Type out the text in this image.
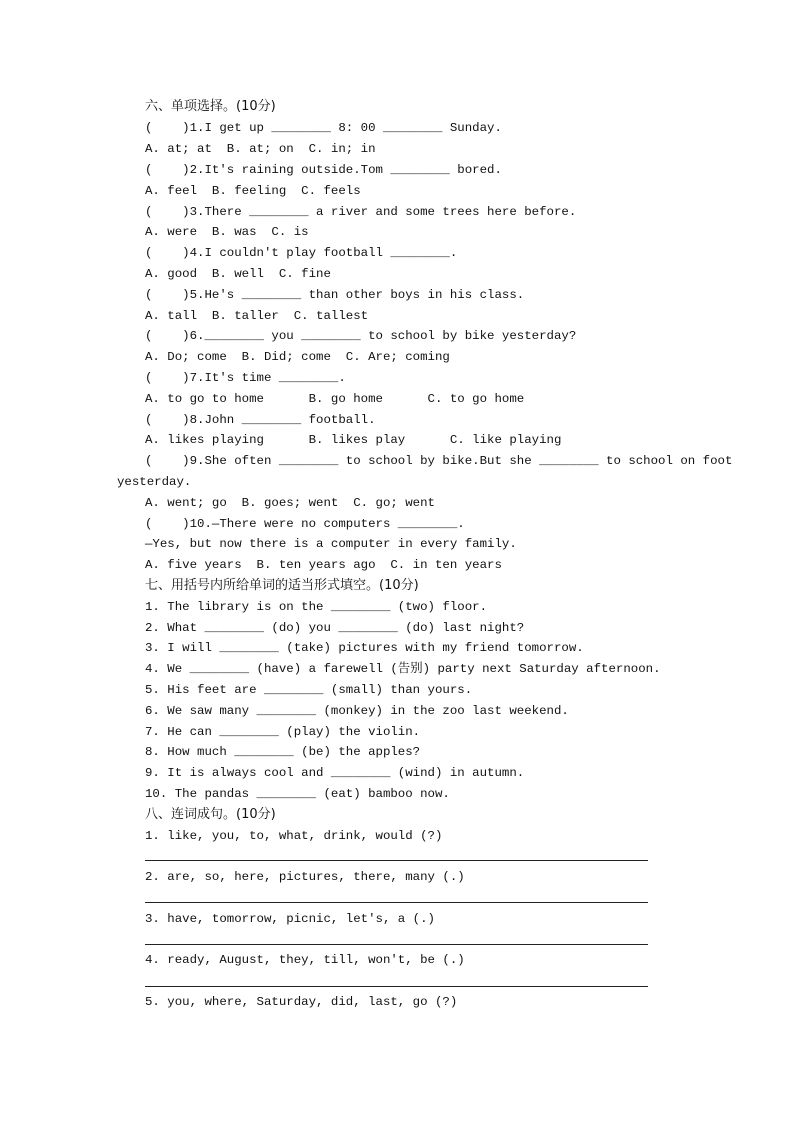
六、单项选择。(10分)
(    )1.I get up ________ 8: 00 ________ Sunday.
A. at; at  B. at; on  C. in; in
(    )2.It's raining outside.Tom ________ bored.
A. feel  B. feeling  C. feels
(    )3.There ________ a river and some trees here before.
A. were  B. was  C. is
(    )4.I couldn't play football ________.
A. good  B. well  C. fine
(    )5.He's ________ than other boys in his class.
A. tall  B. taller  C. tallest
(    )6.________ you ________ to school by bike yesterday?
A. Do; come  B. Did; come  C. Are; coming
(    )7.It's time ________.
A. to go to home      B. go home      C. to go home
(    )8.John ________ football.
A. likes playing      B. likes play      C. like playing
(    )9.She often ________ to school by bike.But she ________ to school on foot
yesterday.
A. went; go  B. goes; went  C. go; went
(    )10.—There were no computers ________.
—Yes, but now there is a computer in every family.
A. five years  B. ten years ago  C. in ten years
七、用括号内所给单词的适当形式填空。(10分)
1. The library is on the ________ (two) floor.
2. What ________ (do) you ________ (do) last night?
3. I will ________ (take) pictures with my friend tomorrow.
4. We ________ (have) a farewell (告别) party next Saturday afternoon.
5. His feet are ________ (small) than yours.
6. We saw many ________ (monkey) in the zoo last weekend.
7. He can ________ (play) the violin.
8. How much ________ (be) the apples?
9. It is always cool and ________ (wind) in autumn.
10. The pandas ________ (eat) bamboo now.
八、连词成句。(10分)
1. like, you, to, what, drink, would (?)
2. are, so, here, pictures, there, many (.)
3. have, tomorrow, picnic, let's, a (.)
4. ready, August, they, till, won't, be (.)
5. you, where, Saturday, did, last, go (?)
